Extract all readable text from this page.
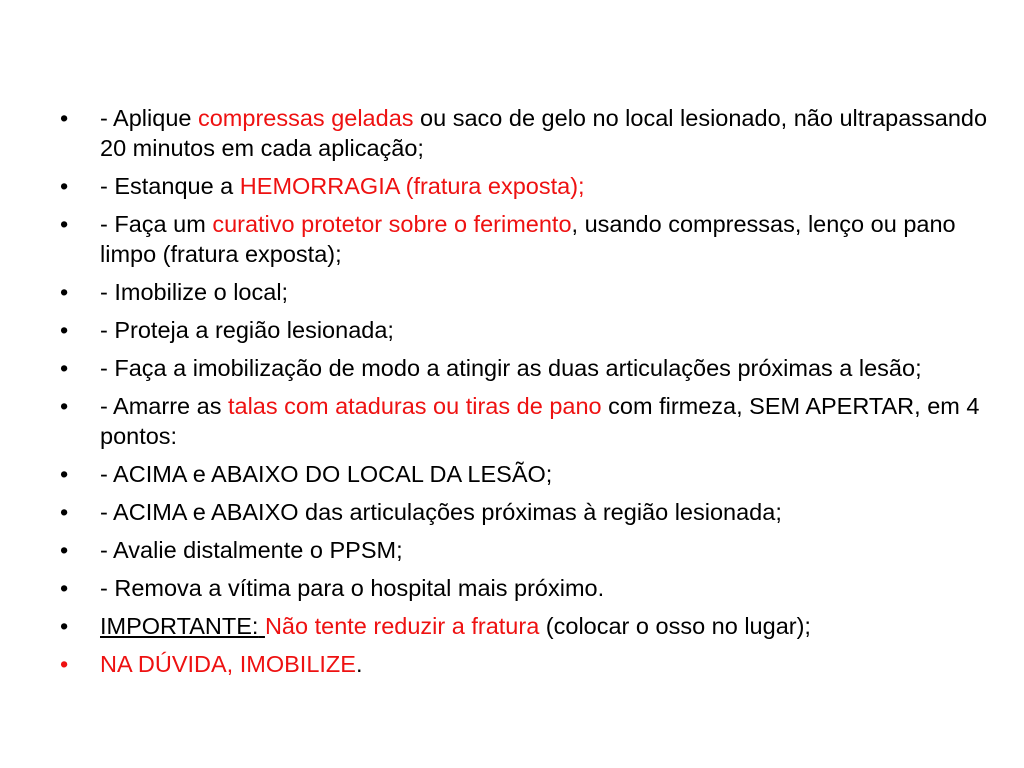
•	- Aplique compressas geladas ou saco de gelo no local lesionado, não ultrapassando 20 minutos em cada aplicação;
•	- Estanque a HEMORRAGIA (fratura exposta);
•	- Faça um curativo protetor sobre o ferimento, usando compressas, lenço ou pano limpo (fratura exposta);
•	- Imobilize o local;
•	- Proteja a região lesionada;
•	- Faça a imobilização de modo a atingir as duas articulações próximas a lesão;
•	- Amarre as talas com ataduras ou tiras de pano com firmeza, SEM APERTAR, em 4 pontos:
•	- ACIMA e ABAIXO DO LOCAL DA LESÃO;
•	- ACIMA e ABAIXO das articulações próximas à região lesionada;
•	- Avalie distalmente o PPSM;
•	- Remova a vítima para o hospital mais próximo.
•	IMPORTANTE: Não tente reduzir a fratura (colocar o osso no lugar);
•	NA DÚVIDA, IMOBILIZE.
